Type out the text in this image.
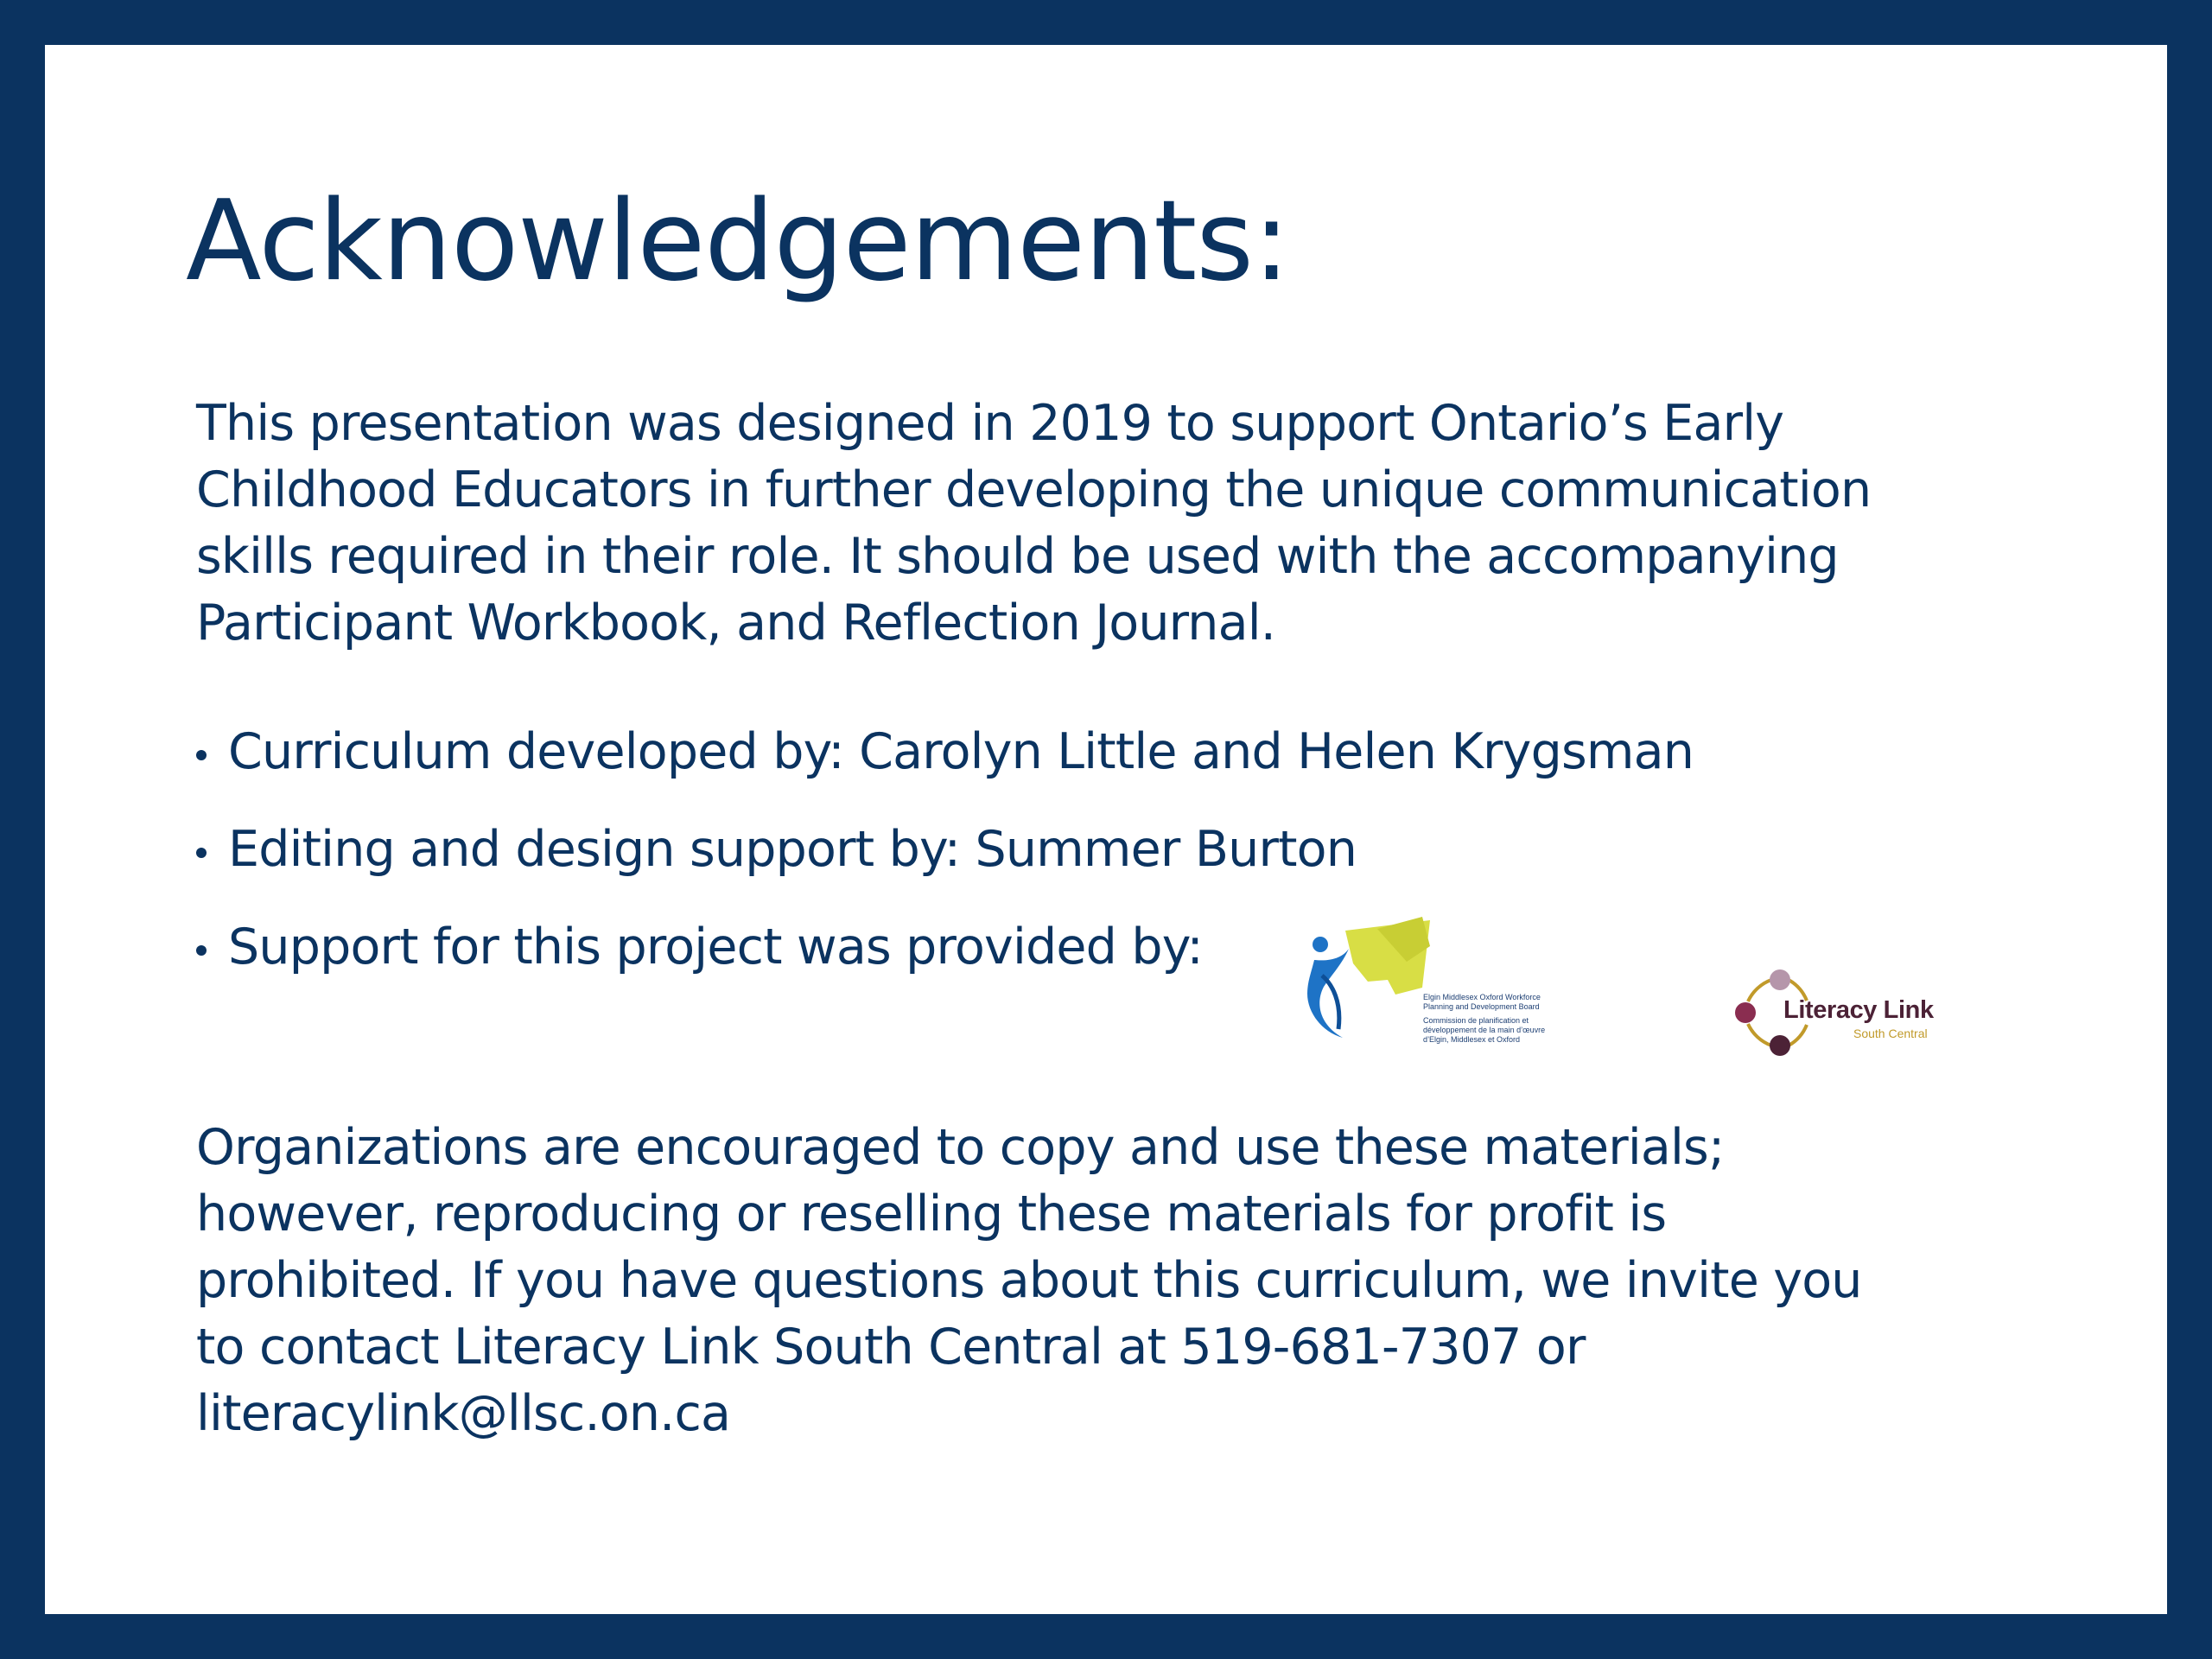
Acknowledgements:

This presentation was designed in 2019 to support Ontario’s Early
Childhood Educators in further developing the unique communication
skills required in their role. It should be used with the accompanying
Participant Workbook, and Reflection Journal.

Curriculum developed by: Carolyn Little and Helen Krygsman
Editing and design support by: Summer Burton
Support for this project was provided by:
Elgin Middlesex Oxford Workforce
Planning and Development Board
Commission de planification et
développement de la main d’œuvre
d’Elgin, Middlesex et Oxford
Literacy Link
South Central

Organizations are encouraged to copy and use these materials;
however, reproducing or reselling these materials for profit is
prohibited. If you have questions about this curriculum, we invite you
to contact Literacy Link South Central at 519-681-7307 or
literacylink@llsc.on.ca
